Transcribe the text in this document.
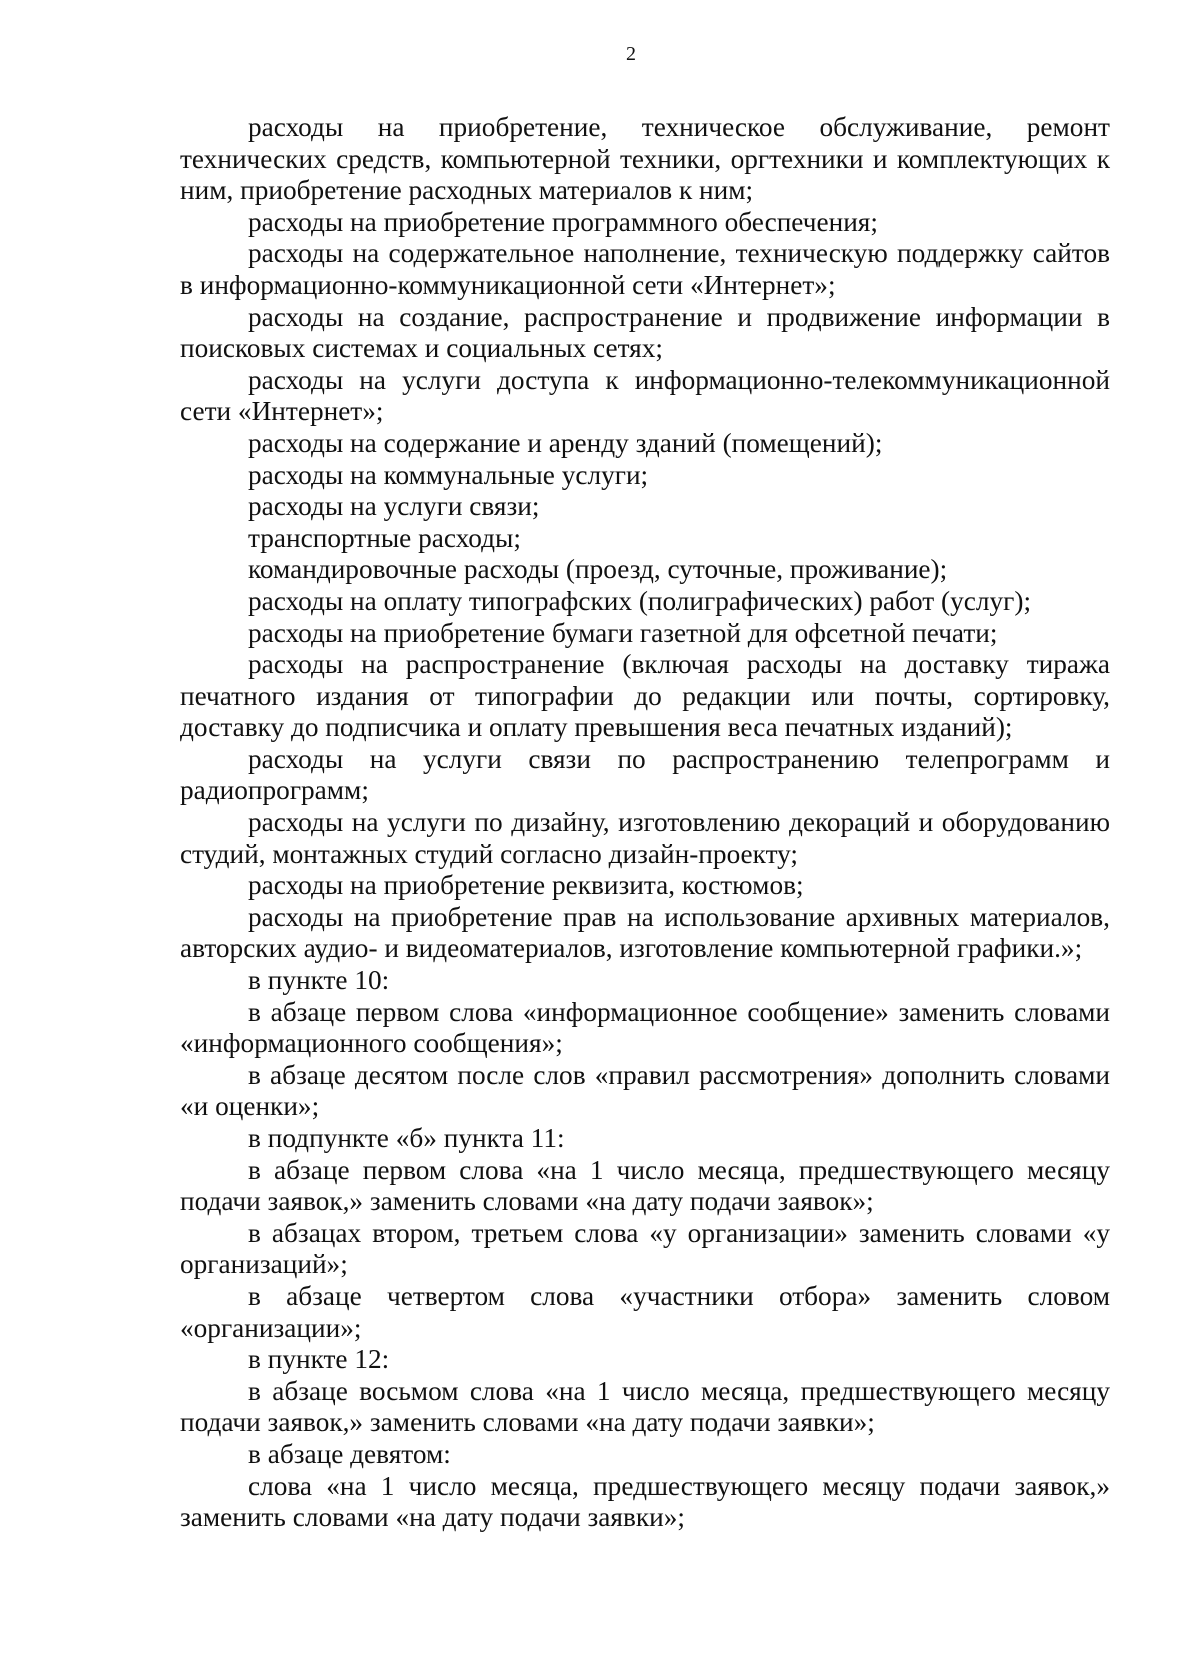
2

расходы на приобретение, техническое обслуживание, ремонт технических средств, компьютерной техники, оргтехники и комплектующих к ним, приобретение расходных материалов к ним;

расходы на приобретение программного обеспечения;

расходы на содержательное наполнение, техническую поддержку сайтов в информационно-коммуникационной сети «Интернет»;

расходы на создание, распространение и продвижение информации в поисковых системах и социальных сетях;

расходы на услуги доступа к информационно-телекоммуникационной сети «Интернет»;

расходы на содержание и аренду зданий (помещений);

расходы на коммунальные услуги;

расходы на услуги связи;

транспортные расходы;

командировочные расходы (проезд, суточные, проживание);

расходы на оплату типографских (полиграфических) работ (услуг);

расходы на приобретение бумаги газетной для офсетной печати;

расходы на распространение (включая расходы на доставку тиража печатного издания от типографии до редакции или почты, сортировку, доставку до подписчика и оплату превышения веса печатных изданий);

расходы на услуги связи по распространению телепрограмм и радиопрограмм;

расходы на услуги по дизайну, изготовлению декораций и оборудованию студий, монтажных студий согласно дизайн-проекту;

расходы на приобретение реквизита, костюмов;

расходы на приобретение прав на использование архивных материалов, авторских аудио- и видеоматериалов, изготовление компьютерной графики.»;

в пункте 10:

в абзаце первом слова «информационное сообщение» заменить словами «информационного сообщения»;

в абзаце десятом после слов «правил рассмотрения» дополнить словами «и оценки»;

в подпункте «б» пункта 11:

в абзаце первом слова «на 1 число месяца, предшествующего месяцу подачи заявок,» заменить словами «на дату подачи заявок»;

в абзацах втором, третьем слова «у организации» заменить словами «у организаций»;

в абзаце четвертом слова «участники отбора» заменить словом «организации»;

в пункте 12:

в абзаце восьмом слова «на 1 число месяца, предшествующего месяцу подачи заявок,» заменить словами «на дату подачи заявки»;

в абзаце девятом:

слова «на 1 число месяца, предшествующего месяцу подачи заявок,» заменить словами «на дату подачи заявки»;
